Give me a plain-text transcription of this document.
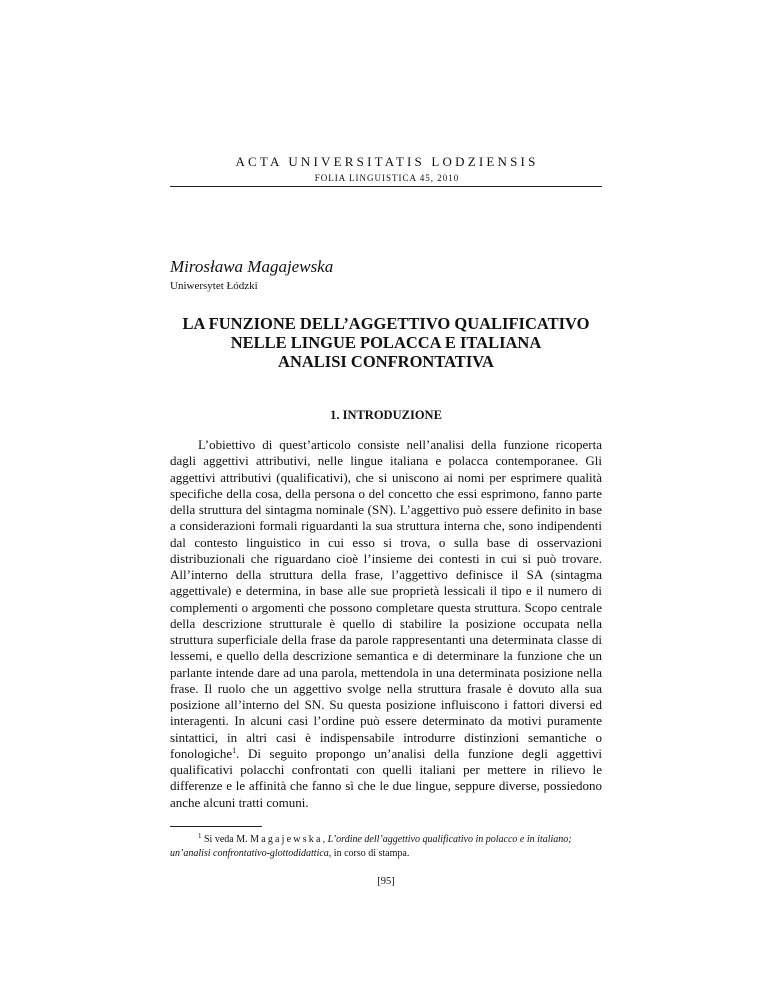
ACTA UNIVERSITATIS LODZIENSIS
FOLIA LINGUISTICA 45, 2010
Mirosława Magajewska
Uniwersytet Łódzki
LA FUNZIONE DELL’AGGETTIVO QUALIFICATIVO
NELLE LINGUE POLACCA E ITALIANA
ANALISI CONFRONTATIVA
1. INTRODUZIONE

L’obiettivo di quest’articolo consiste nell’analisi della funzione ricoperta dagli aggettivi attributivi, nelle lingue italiana e polacca contemporanee. Gli aggettivi attributivi (qualificativi), che si uniscono ai nomi per esprimere qualità specifiche della cosa, della persona o del concetto che essi esprimono, fanno parte della struttura del sintagma nominale (SN). L’aggettivo può essere definito in base a considerazioni formali riguardanti la sua struttura interna che, sono indipendenti dal contesto linguistico in cui esso si trova, o sulla base di osservazioni distribuzionali che riguardano cioè l’insieme dei contesti in cui si può trovare. All’interno della struttura della frase, l’aggettivo definisce il SA (sintagma aggettivale) e determina, in base alle sue proprietà lessicali il tipo e il numero di complementi o argomenti che possono completare questa struttura. Scopo centrale della descrizione strutturale è quello di stabilire la posizione occupata nella struttura superficiale della frase da parole rappresentanti una determinata classe di lessemi, e quello della descrizione semantica e di determinare la funzione che un parlante intende dare ad una parola, mettendola in una determinata posizione nella frase. Il ruolo che un aggettivo svolge nella struttura frasale è dovuto alla sua posizione all’interno del SN. Su questa posizione influiscono i fattori diversi ed interagenti. In alcuni casi l’ordine può essere determinato da motivi puramente sintattici, in altri casi è indispensabile introdurre distinzioni semantiche o fonologiche$^1$. Di seguito propongo un’analisi della funzione degli aggettivi qualificativi polacchi confrontati con quelli italiani per mettere in rilievo le differenze e le affinità che fanno sì che le due lingue, seppure diverse, possiedono anche alcuni tratti comuni.

$^1$ Si veda M. Magajewska, L’ordine dell’aggettivo qualificativo in polacco e in italiano;
un’analisi confrontativo-glottodidattica, in corso di stampa.
[95]
